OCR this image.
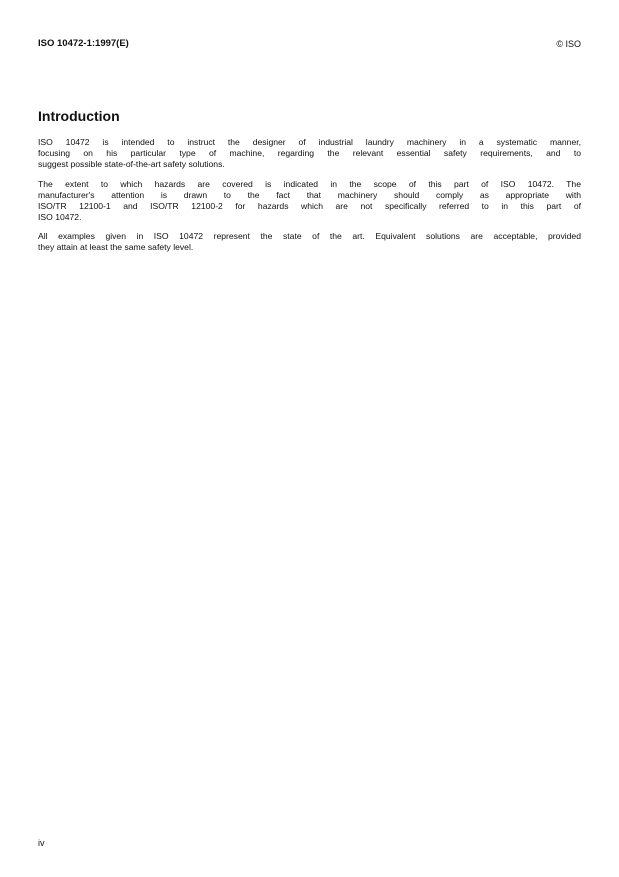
ISO 10472-1:1997(E)	© ISO
Introduction

ISO 10472 is intended to instruct the designer of industrial laundry machinery in a systematic manner,
focusing on his particular type of machine, regarding the relevant essential safety requirements, and to
suggest possible state-of-the-art safety solutions.

The extent to which hazards are covered is indicated in the scope of this part of ISO 10472. The
manufacturer's attention is drawn to the fact that machinery should comply as appropriate with
ISO/TR 12100-1 and ISO/TR 12100-2 for hazards which are not specifically referred to in this part of
ISO 10472.

All examples given in ISO 10472 represent the state of the art. Equivalent solutions are acceptable, provided
they attain at least the same safety level.

iv
